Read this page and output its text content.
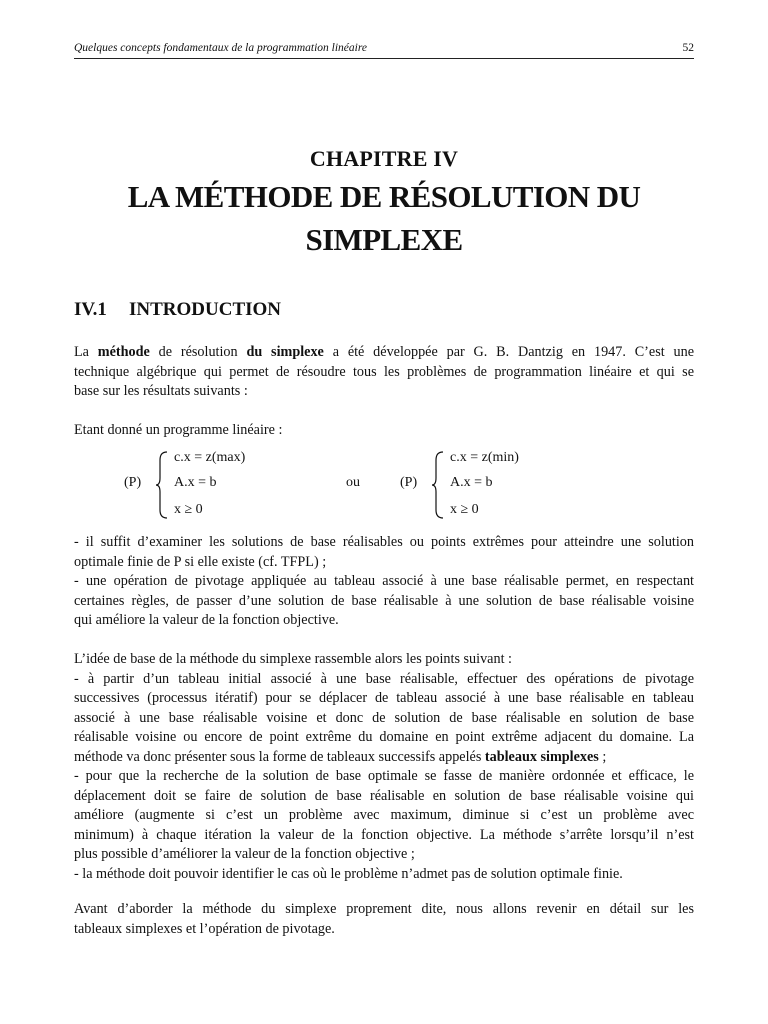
Quelques concepts fondamentaux de la programmation linéaire	52
CHAPITRE IV
LA MÉTHODE DE RÉSOLUTION DU
SIMPLEXE
IV.1 INTRODUCTION

La méthode de résolution du simplexe a été développée par G. B. Dantzig en 1947. C’est une
technique algébrique qui permet de résoudre tous les problèmes de programmation linéaire et qui se
base sur les résultats suivants :

Etant donné un programme linéaire :

(P)
c.x = z(max)
A.x = b
x ≥ 0
ou	(P)
c.x = z(min)
A.x = b
x ≥ 0

- il suffit d’examiner les solutions de base réalisables ou points extrêmes pour atteindre une solution
optimale finie de P si elle existe (cf. TFPL) ;
- une opération de pivotage appliquée au tableau associé à une base réalisable permet, en respectant
certaines règles, de passer d’une solution de base réalisable à une solution de base réalisable voisine
qui améliore la valeur de la fonction objective.

L’idée de base de la méthode du simplexe rassemble alors les points suivant :
- à partir d’un tableau initial associé à une base réalisable, effectuer des opérations de pivotage
successives (processus itératif) pour se déplacer de tableau associé à une base réalisable en tableau
associé à une base réalisable voisine et donc de solution de base réalisable en solution de base
réalisable voisine ou encore de point extrême du domaine en point extrême adjacent du domaine. La
méthode va donc présenter sous la forme de tableaux successifs appelés tableaux simplexes ;
- pour que la recherche de la solution de base optimale se fasse de manière ordonnée et efficace, le
déplacement doit se faire de solution de base réalisable en solution de base réalisable voisine qui
améliore (augmente si c’est un problème avec maximum, diminue si c’est un problème avec
minimum) à chaque itération la valeur de la fonction objective. La méthode s’arrête lorsqu’il n’est
plus possible d’améliorer la valeur de la fonction objective ;
- la méthode doit pouvoir identifier le cas où le problème n’admet pas de solution optimale finie.

Avant d’aborder la méthode du simplexe proprement dite, nous allons revenir en détail sur les
tableaux simplexes et l’opération de pivotage.
